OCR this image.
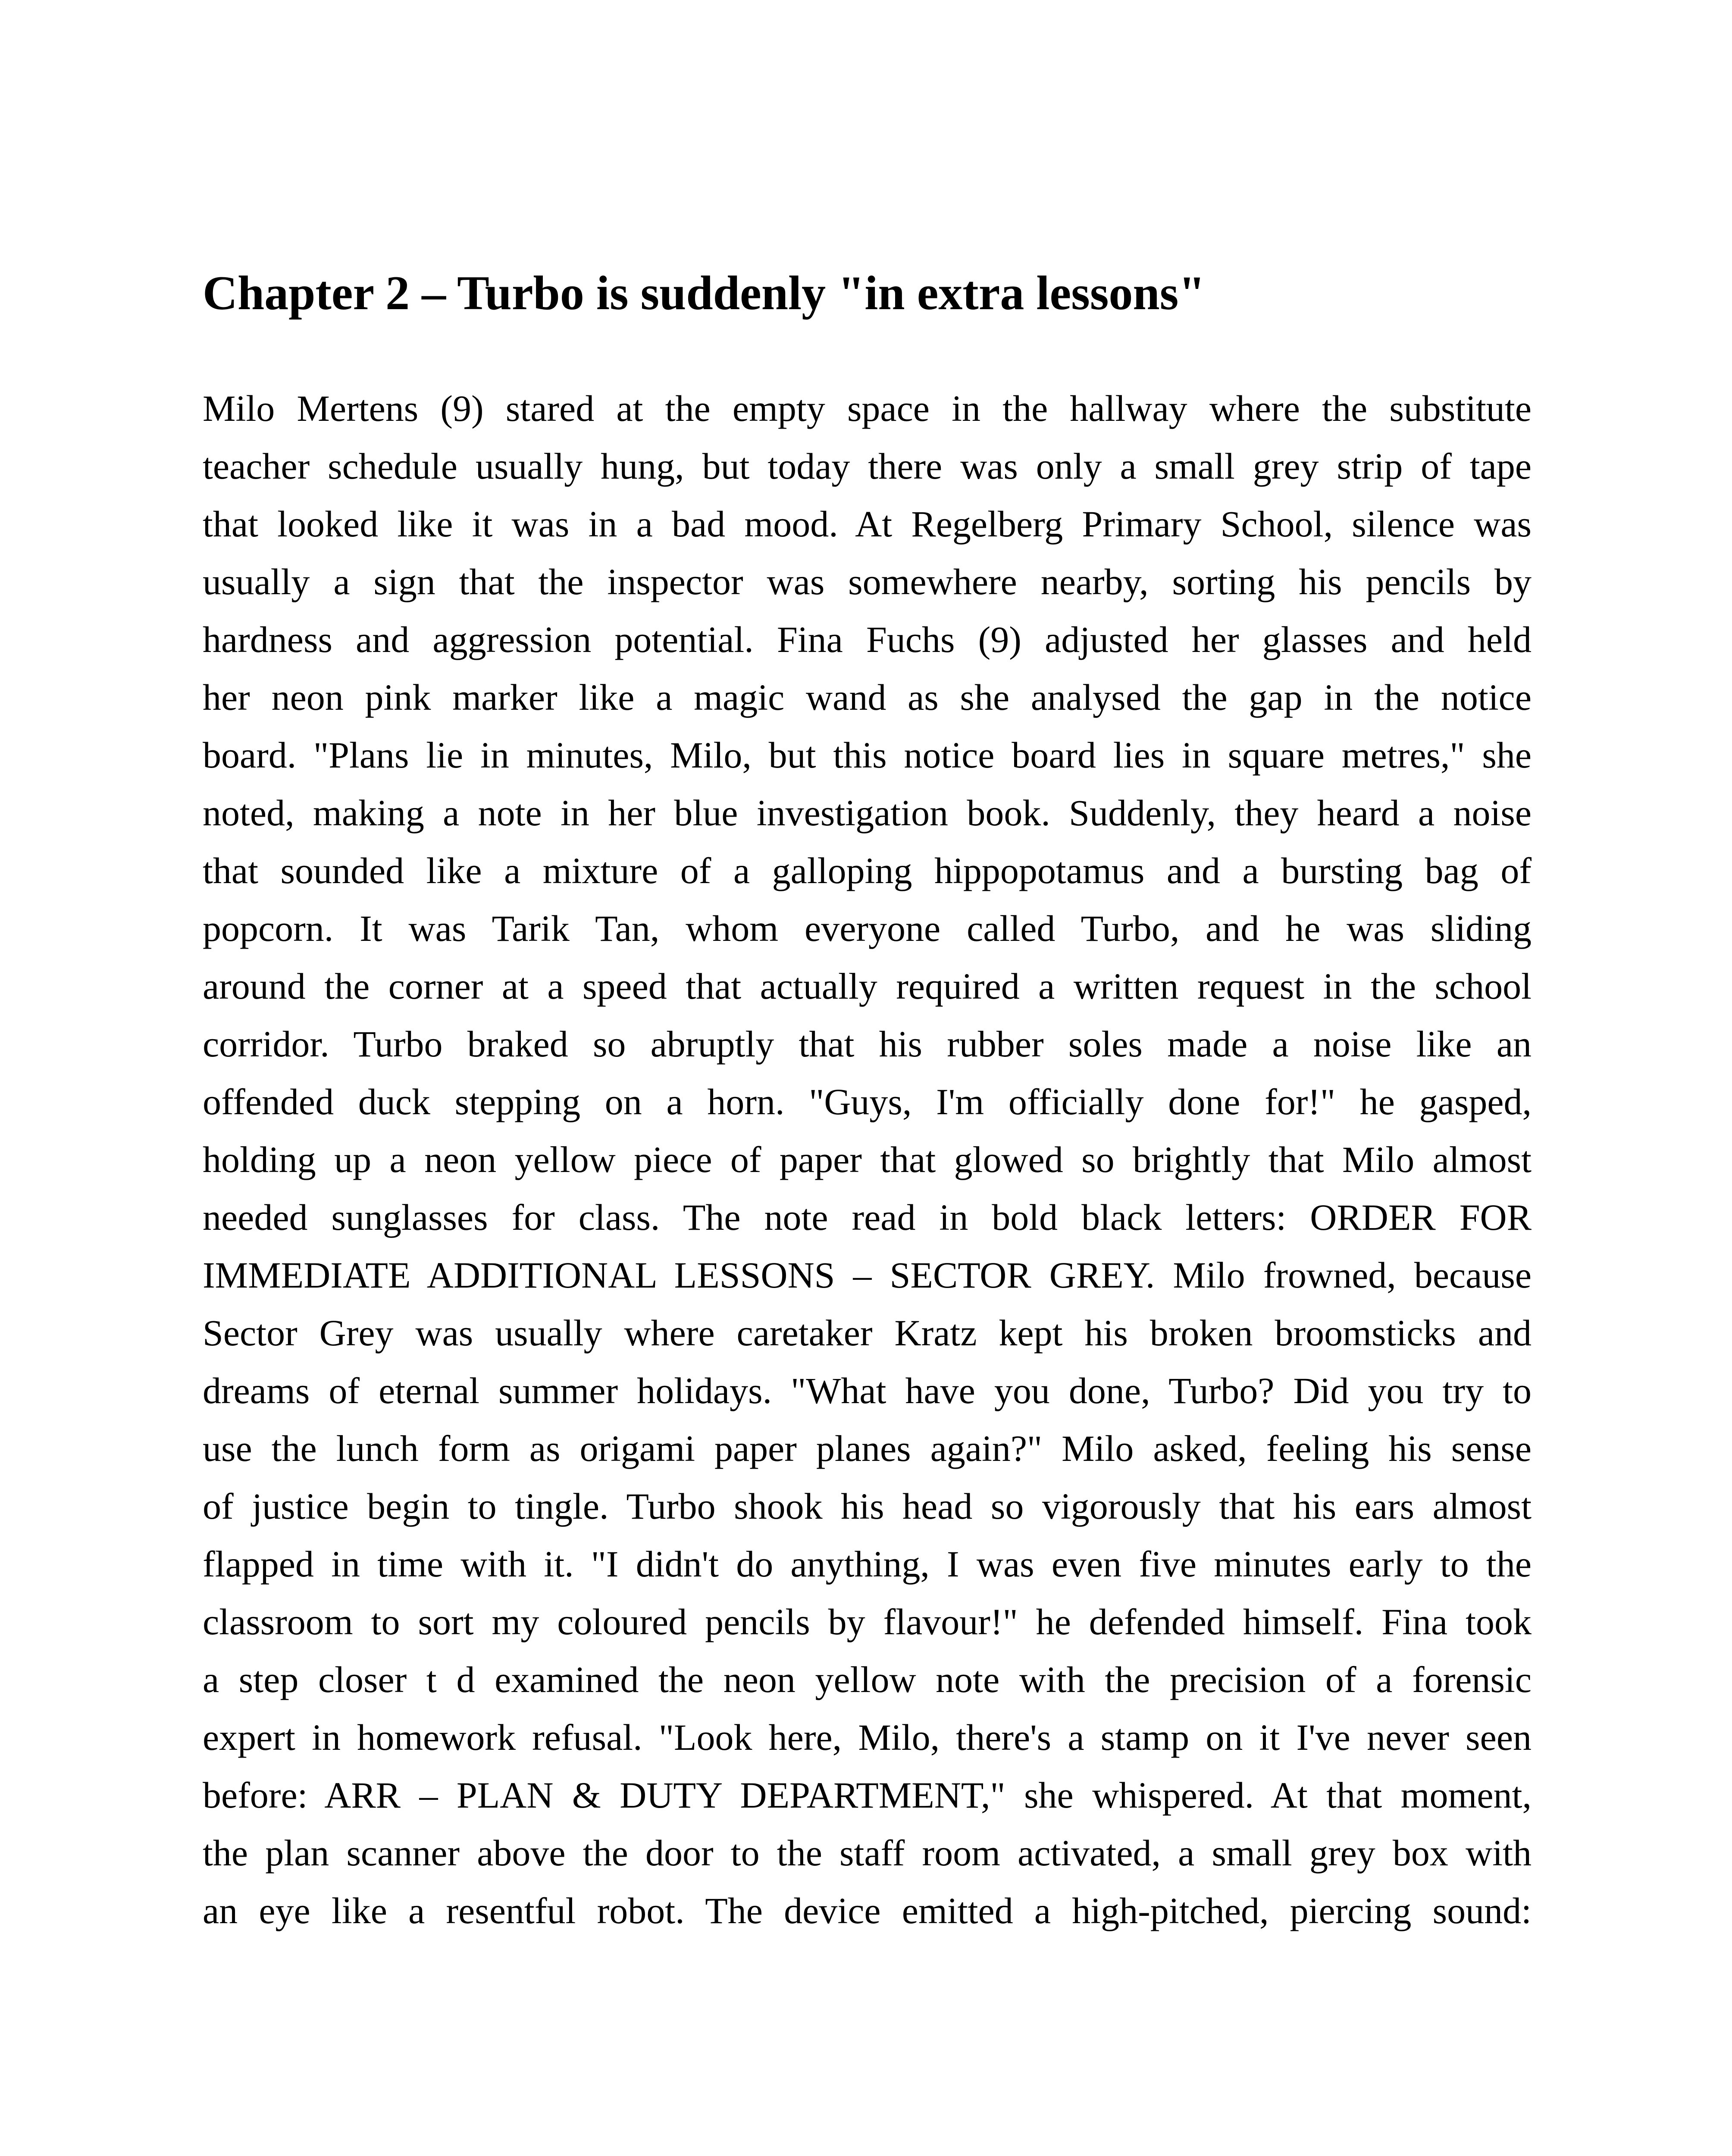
Chapter 2 – Turbo is suddenly "in extra lessons"
Milo Mertens (9) stared at the empty space in the hallway where the substitute
teacher schedule usually hung, but today there was only a small grey strip of tape
that looked like it was in a bad mood. At Regelberg Primary School, silence was
usually a sign that the inspector was somewhere nearby, sorting his pencils by
hardness and aggression potential. Fina Fuchs (9) adjusted her glasses and held
her neon pink marker like a magic wand as she analysed the gap in the notice
board. "Plans lie in minutes, Milo, but this notice board lies in square metres," she
noted, making a note in her blue investigation book. Suddenly, they heard a noise
that sounded like a mixture of a galloping hippopotamus and a bursting bag of
popcorn. It was Tarik Tan, whom everyone called Turbo, and he was sliding
around the corner at a speed that actually required a written request in the school
corridor. Turbo braked so abruptly that his rubber soles made a noise like an
offended duck stepping on a horn. "Guys, I'm officially done for!" he gasped,
holding up a neon yellow piece of paper that glowed so brightly that Milo almost
needed sunglasses for class. The note read in bold black letters: ORDER FOR
IMMEDIATE ADDITIONAL LESSONS – SECTOR GREY. Milo frowned, because
Sector Grey was usually where caretaker Kratz kept his broken broomsticks and
dreams of eternal summer holidays. "What have you done, Turbo? Did you try to
use the lunch form as origami paper planes again?" Milo asked, feeling his sense
of justice begin to tingle. Turbo shook his head so vigorously that his ears almost
flapped in time with it. "I didn't do anything, I was even five minutes early to the
classroom to sort my coloured pencils by flavour!" he defended himself. Fina took
a step closer t d examined the neon yellow note with the precision of a forensic
expert in homework refusal. "Look here, Milo, there's a stamp on it I've never seen
before: ARR – PLAN & DUTY DEPARTMENT," she whispered. At that moment,
the plan scanner above the door to the staff room activated, a small grey box with
an eye like a resentful robot. The device emitted a high-pitched, piercing sound:
